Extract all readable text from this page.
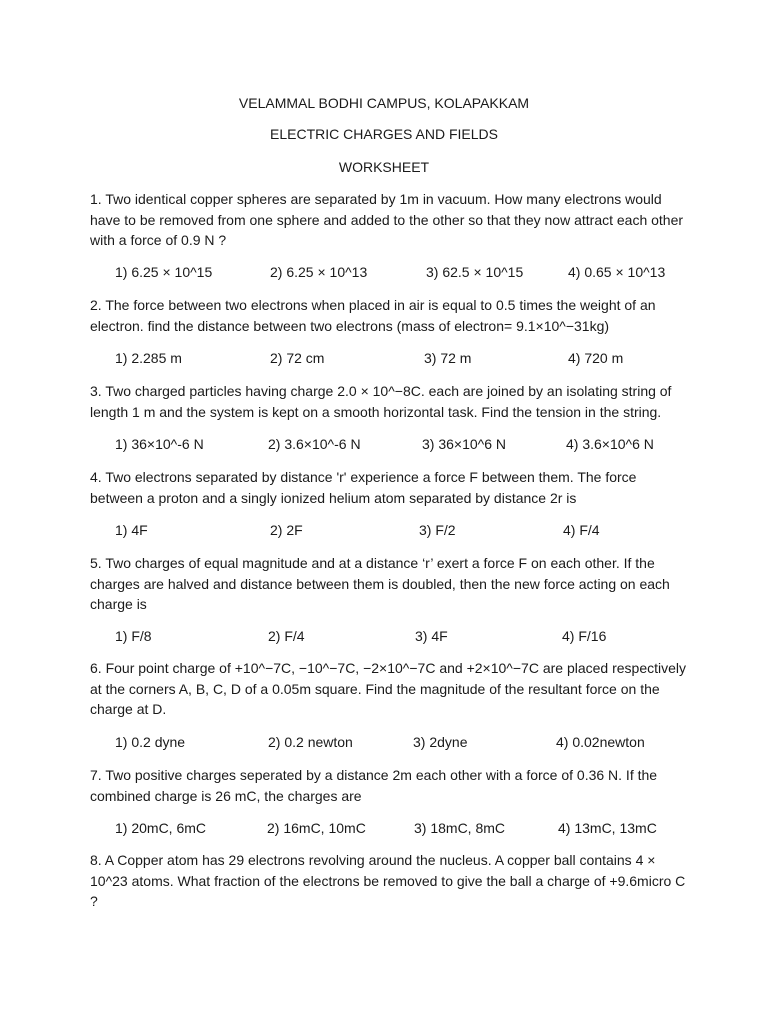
VELAMMAL BODHI CAMPUS, KOLAPAKKAM
ELECTRIC CHARGES AND FIELDS
WORKSHEET
1. Two identical copper spheres are separated by 1m in vacuum. How many electrons would have to be removed from one sphere and added to the other so that they now attract each other with a force of 0.9 N ?
1) 6.25 × 10^15	2) 6.25 × 10^13	3) 62.5 × 10^15	4) 0.65 × 10^13
2. The force between two electrons when placed in air is equal to 0.5 times the weight of an electron. find the distance between two electrons (mass of electron= 9.1×10^−31kg)
1) 2.285 m	2) 72 cm	3) 72 m	4) 720 m
3. Two charged particles having charge 2.0 × 10^−8C. each are joined by an isolating string of length 1 m and the system is kept on a smooth horizontal task. Find the tension in the string.
1) 36×10^-6 N	2) 3.6×10^-6 N	3) 36×10^6 N	4) 3.6×10^6 N
4. Two electrons separated by distance 'r' experience a force F between them. The force between a proton and a singly ionized helium atom separated by distance 2r is
1) 4F	2) 2F	3) F/2	4) F/4
5. Two charges of equal magnitude and at a distance ‘r’ exert a force F on each other. If the charges are halved and distance between them is doubled, then the new force acting on each charge is
1) F/8	2) F/4	3) 4F	4) F/16
6. Four point charge of +10^−7C, −10^−7C, −2×10^−7C and +2×10^−7C are placed respectively at the corners A, B, C, D of a 0.05m square. Find the magnitude of the resultant force on the charge at D.
1) 0.2 dyne	2) 0.2 newton	3) 2dyne	4) 0.02newton
7. Two positive charges seperated by a distance 2m each other with a force of 0.36 N. If the combined charge is 26 mC, the charges are
1) 20mC, 6mC	2) 16mC, 10mC	3) 18mC, 8mC	4) 13mC, 13mC
8. A Copper atom has 29 electrons revolving around the nucleus. A copper ball contains 4 × 10^23 atoms. What fraction of the electrons be removed to give the ball a charge of +9.6micro C ?
